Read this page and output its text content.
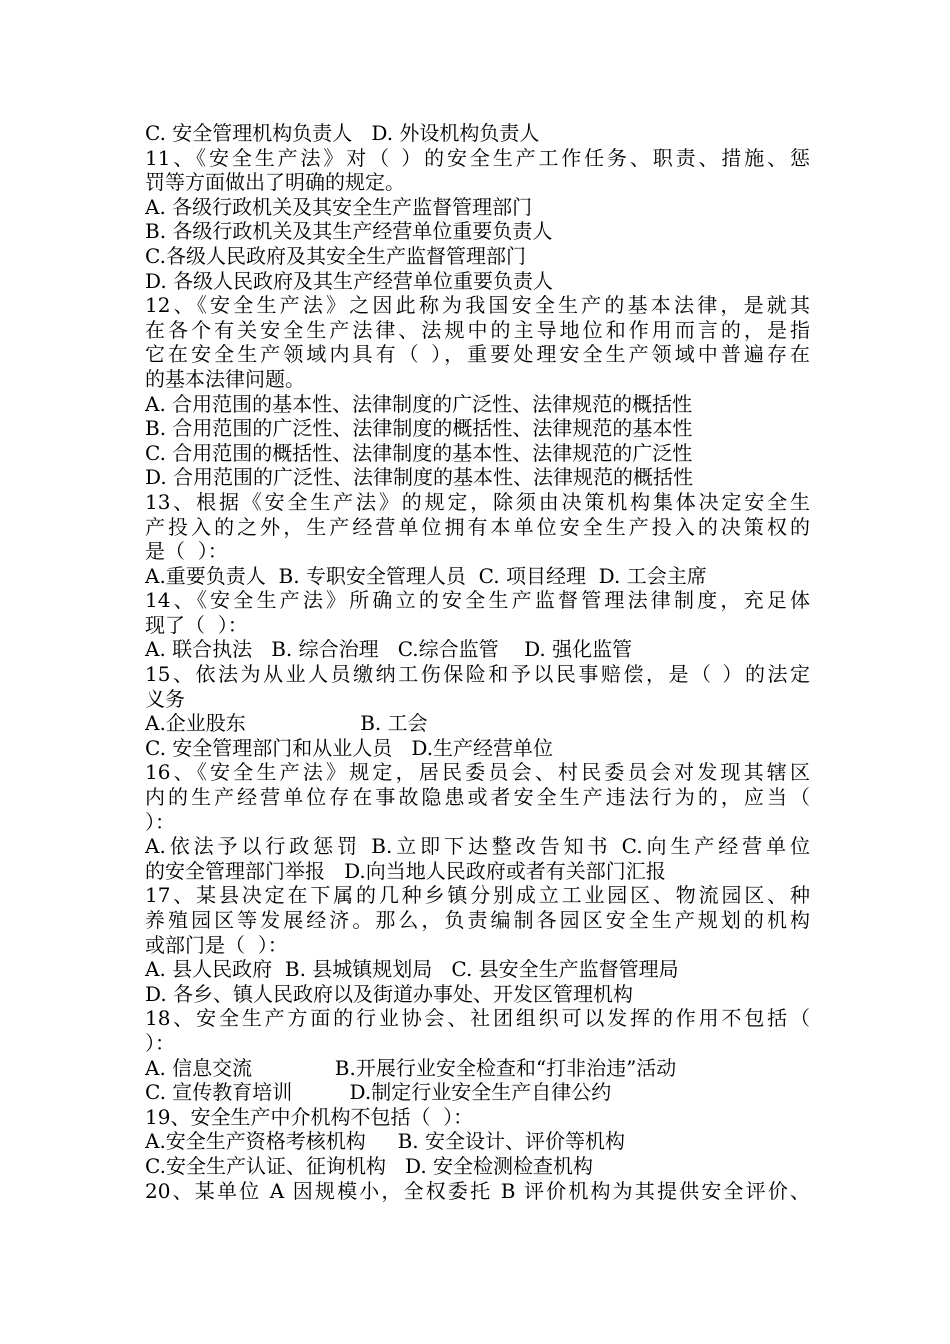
C. 安全管理机构负责人   D. 外设机构负责人
11、《安全生产法》对（ ）的安全生产工作任务、职责、措施、惩
罚等方面做出了明确的规定。
A. 各级行政机关及其安全生产监督管理部门
B. 各级行政机关及其生产经营单位重要负责人
C.各级人民政府及其安全生产监督管理部门
D. 各级人民政府及其生产经营单位重要负责人
12、《安全生产法》之因此称为我国安全生产的基本法律，是就其
在各个有关安全生产法律、法规中的主导地位和作用而言的，是指
它在安全生产领域内具有（ ），重要处理安全生产领域中普遍存在
的基本法律问题。
A. 合用范围的基本性、法律制度的广泛性、法律规范的概括性
B. 合用范围的广泛性、法律制度的概括性、法律规范的基本性
C. 合用范围的概括性、法律制度的基本性、法律规范的广泛性
D. 合用范围的广泛性、法律制度的基本性、法律规范的概括性
13、根据《安全生产法》的规定，除须由决策机构集体决定安全生
产投入的之外，生产经营单位拥有本单位安全生产投入的决策权的
是（  ）：
A.重要负责人  B. 专职安全管理人员  C. 项目经理  D. 工会主席
14、《安全生产法》所确立的安全生产监督管理法律制度，充足体
现了（  ）：
A. 联合执法   B. 综合治理   C.综合监管    D. 强化监管
15、依法为从业人员缴纳工伤保险和予以民事赔偿，是（ ）的法定
义务
A.企业股东                  B. 工会
C. 安全管理部门和从业人员   D.生产经营单位
16、《安全生产法》规定，居民委员会、村民委员会对发现其辖区
内的生产经营单位存在事故隐患或者安全生产违法行为的，应当（
）：
A.依法予以行政惩罚 B.立即下达整改告知书 C.向生产经营单位
的安全管理部门举报   D.向当地人民政府或者有关部门汇报
17、某县决定在下属的几种乡镇分别成立工业园区、物流园区、种
养殖园区等发展经济。那么，负责编制各园区安全生产规划的机构
或部门是（  ）：
A. 县人民政府  B. 县城镇规划局   C. 县安全生产监督管理局
D. 各乡、镇人民政府以及街道办事处、开发区管理机构
18、安全生产方面的行业协会、社团组织可以发挥的作用不包括（
）：
A. 信息交流             B.开展行业安全检查和“打非治违”活动
C. 宣传教育培训         D.制定行业安全生产自律公约
19、安全生产中介机构不包括（  ）：
A.安全生产资格考核机构     B. 安全设计、评价等机构
C.安全生产认证、征询机构   D. 安全检测检查机构
20、某单位 A 因规模小，全权委托 B 评价机构为其提供安全评价、
